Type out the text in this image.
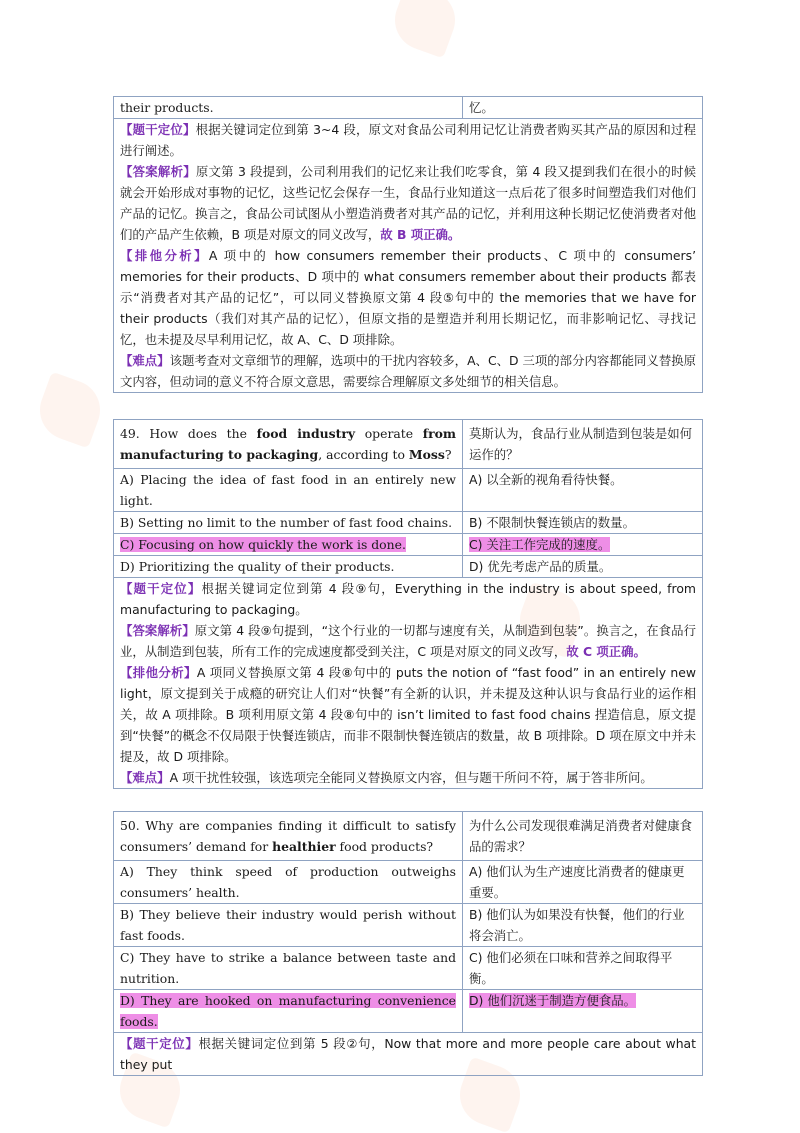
their products.	忆。

【题干定位】根据关键词定位到第 3~4 段，原文对食品公司利用记忆让消费者购买其产品的原因和过程进行阐述。

【答案解析】原文第 3 段提到，公司利用我们的记忆来让我们吃零食，第 4 段又提到我们在很小的时候就会开始形成对事物的记忆，这些记忆会保存一生，食品行业知道这一点后花了很多时间塑造我们对他们产品的记忆。换言之，食品公司试图从小塑造消费者对其产品的记忆，并利用这种长期记忆使消费者对他们的产品产生依赖，B 项是对原文的同义改写，故 B 项正确。

【排他分析】A 项中的 how consumers remember their products、C 项中的 consumers’ memories for their products、D 项中的 what consumers remember about their products 都表示“消费者对其产品的记忆”，可以同义替换原文第 4 段⑤句中的 the memories that we have for their products（我们对其产品的记忆），但原文指的是塑造并利用长期记忆，而非影响记忆、寻找记忆，也未提及尽早利用记忆，故 A、C、D 项排除。

【难点】该题考查对文章细节的理解，选项中的干扰内容较多，A、C、D 三项的部分内容都能同义替换原文内容，但动词的意义不符合原文意思，需要综合理解原文多处细节的相关信息。

49. How does the food industry operate from manufacturing to packaging, according to Moss?	莫斯认为，食品行业从制造到包装是如何运作的？
A) Placing the idea of fast food in an entirely new light.	A) 以全新的视角看待快餐。
B) Setting no limit to the number of fast food chains.	B) 不限制快餐连锁店的数量。
C) Focusing on how quickly the work is done.	C) 关注工作完成的速度。
D) Prioritizing the quality of their products.	D) 优先考虑产品的质量。

【题干定位】根据关键词定位到第 4 段⑨句，Everything in the industry is about speed, from manufacturing to packaging。

【答案解析】原文第 4 段⑨句提到，“这个行业的一切都与速度有关，从制造到包装”。换言之，在食品行业，从制造到包装，所有工作的完成速度都受到关注，C 项是对原文的同义改写，故 C 项正确。

【排他分析】A 项同义替换原文第 4 段⑧句中的 puts the notion of “fast food” in an entirely new light，原文提到关于成瘾的研究让人们对“快餐”有全新的认识，并未提及这种认识与食品行业的运作相关，故 A 项排除。B 项利用原文第 4 段⑧句中的 isn’t limited to fast food chains 捏造信息，原文提到“快餐”的概念不仅局限于快餐连锁店，而非不限制快餐连锁店的数量，故 B 项排除。D 项在原文中并未提及，故 D 项排除。

【难点】A 项干扰性较强，该选项完全能同义替换原文内容，但与题干所问不符，属于答非所问。	

50. Why are companies finding it difficult to satisfy consumers’ demand for healthier food products?	为什么公司发现很难满足消费者对健康食品的需求？
A) They think speed of production outweighs consumers’ health.	A) 他们认为生产速度比消费者的健康更重要。
B) They believe their industry would perish without fast foods.	B) 他们认为如果没有快餐，他们的行业将会消亡。
C) They have to strike a balance between taste and nutrition.	C) 他们必须在口味和营养之间取得平衡。
D) They are hooked on manufacturing convenience foods.	D) 他们沉迷于制造方便食品。

【题干定位】根据关键词定位到第 5 段②句，Now that more and more people care about what they put	
